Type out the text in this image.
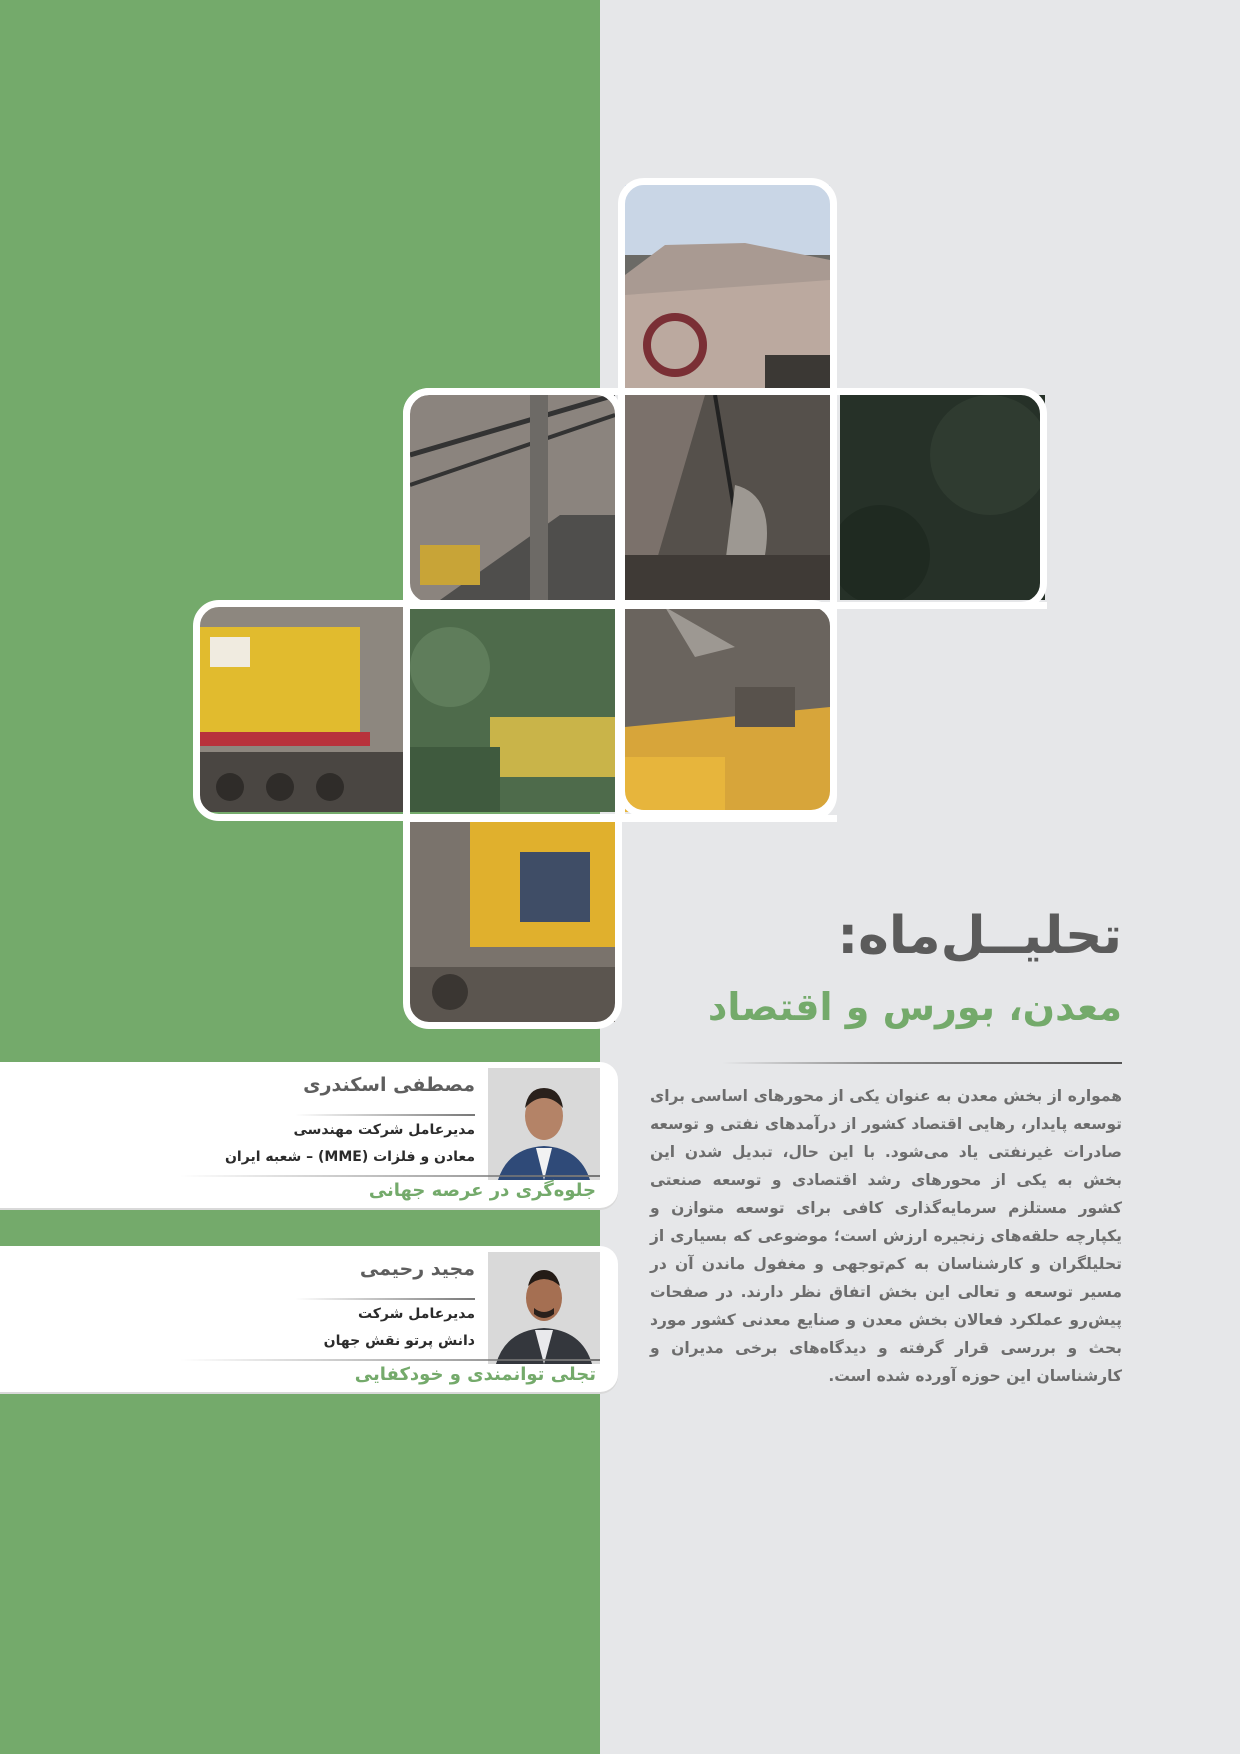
تحلیــل‌ماه:
معدن، بورس و اقتصاد

همواره از بخش معدن به عنوان یکی از محورهای اساسی برای توسعه پایدار، رهایی اقتصاد کشور از درآمدهای نفتی و توسعه صادرات غیرنفتی یاد می‌شود. با این حال، تبدیل شدن این بخش به یکی از محورهای رشد اقتصادی و توسعه صنعتی کشور مستلزم سرمایه‌گذاری کافی برای توسعه متوازن و یکپارچه حلقه‌های زنجیره ارزش است؛ موضوعی که بسیاری از تحلیلگران و کارشناسان به کم‌توجهی و مغفول ماندن آن در مسیر توسعه و تعالی این بخش اتفاق نظر دارند. در صفحات پیش‌رو عملکرد فعالان بخش معدن و صنایع معدنی کشور مورد بحث و بررسی قرار گرفته و دیدگاه‌های برخی مدیران و کارشناسان این حوزه آورده شده است.

مصطفی اسکندری
مدیرعامل شرکت مهندسی
معادن و فلزات (MME) – شعبه ایران
جلوه‌گری در عرصه جهانی
مجید رحیمی
مدیرعامل شرکت
دانش پرتو نقش جهان
تجلی توانمندی و خودکفایی
